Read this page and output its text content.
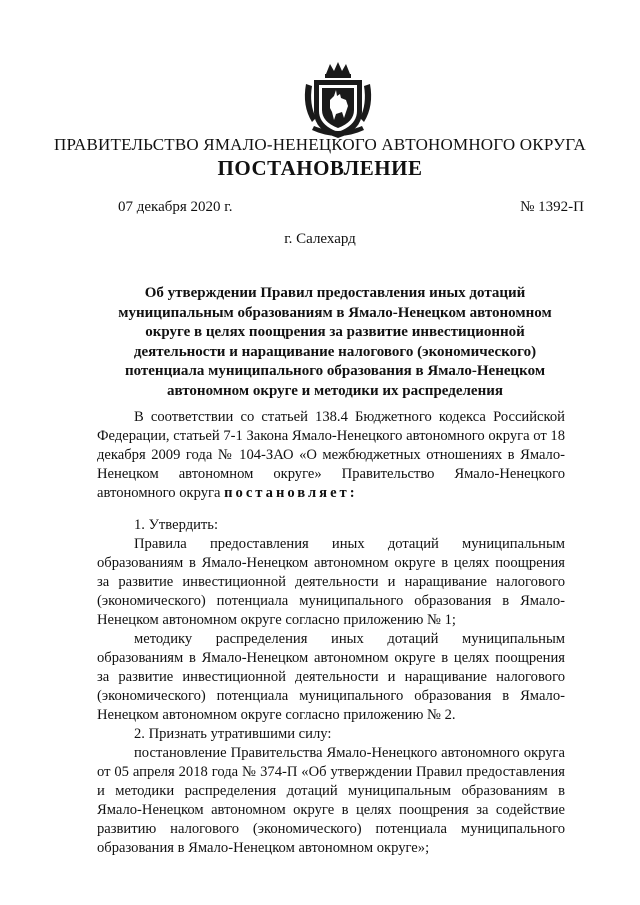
ПРАВИТЕЛЬСТВО ЯМАЛО-НЕНЕЦКОГО АВТОНОМНОГО ОКРУГА
ПОСТАНОВЛЕНИЕ
07 декабря 2020 г.	№ 1392-П
г. Салехард
Об утверждении Правил предоставления иных дотаций муниципальным образованиям в Ямало-Ненецком автономном округе в целях поощрения за развитие инвестиционной деятельности и наращивание налогового (экономического) потенциала муниципального образования в Ямало-Ненецком автономном округе и методики их распределения

В соответствии со статьей 138.4 Бюджетного кодекса Российской Федерации, статьей 7-1 Закона Ямало-Ненецкого автономного округа от 18 декабря 2009 года № 104-ЗАО «О межбюджетных отношениях в Ямало-Ненецком автономном округе» Правительство Ямало-Ненецкого автономного округа постановляет:

1. Утвердить:

Правила предоставления иных дотаций муниципальным образованиям в Ямало-Ненецком автономном округе в целях поощрения за развитие инвестиционной деятельности и наращивание налогового (экономического) потенциала муниципального образования в Ямало-Ненецком автономном округе согласно приложению № 1;

методику распределения иных дотаций муниципальным образованиям в Ямало-Ненецком автономном округе в целях поощрения за развитие инвестиционной деятельности и наращивание налогового (экономического) потенциала муниципального образования в Ямало-Ненецком автономном округе согласно приложению № 2.

2. Признать утратившими силу:

постановление Правительства Ямало-Ненецкого автономного округа от 05 апреля 2018 года № 374-П «Об утверждении Правил предоставления и методики распределения дотаций муниципальным образованиям в Ямало-Ненецком автономном округе в целях поощрения за содействие развитию налогового (экономического) потенциала муниципального образования в Ямало-Ненецком автономном округе»;
